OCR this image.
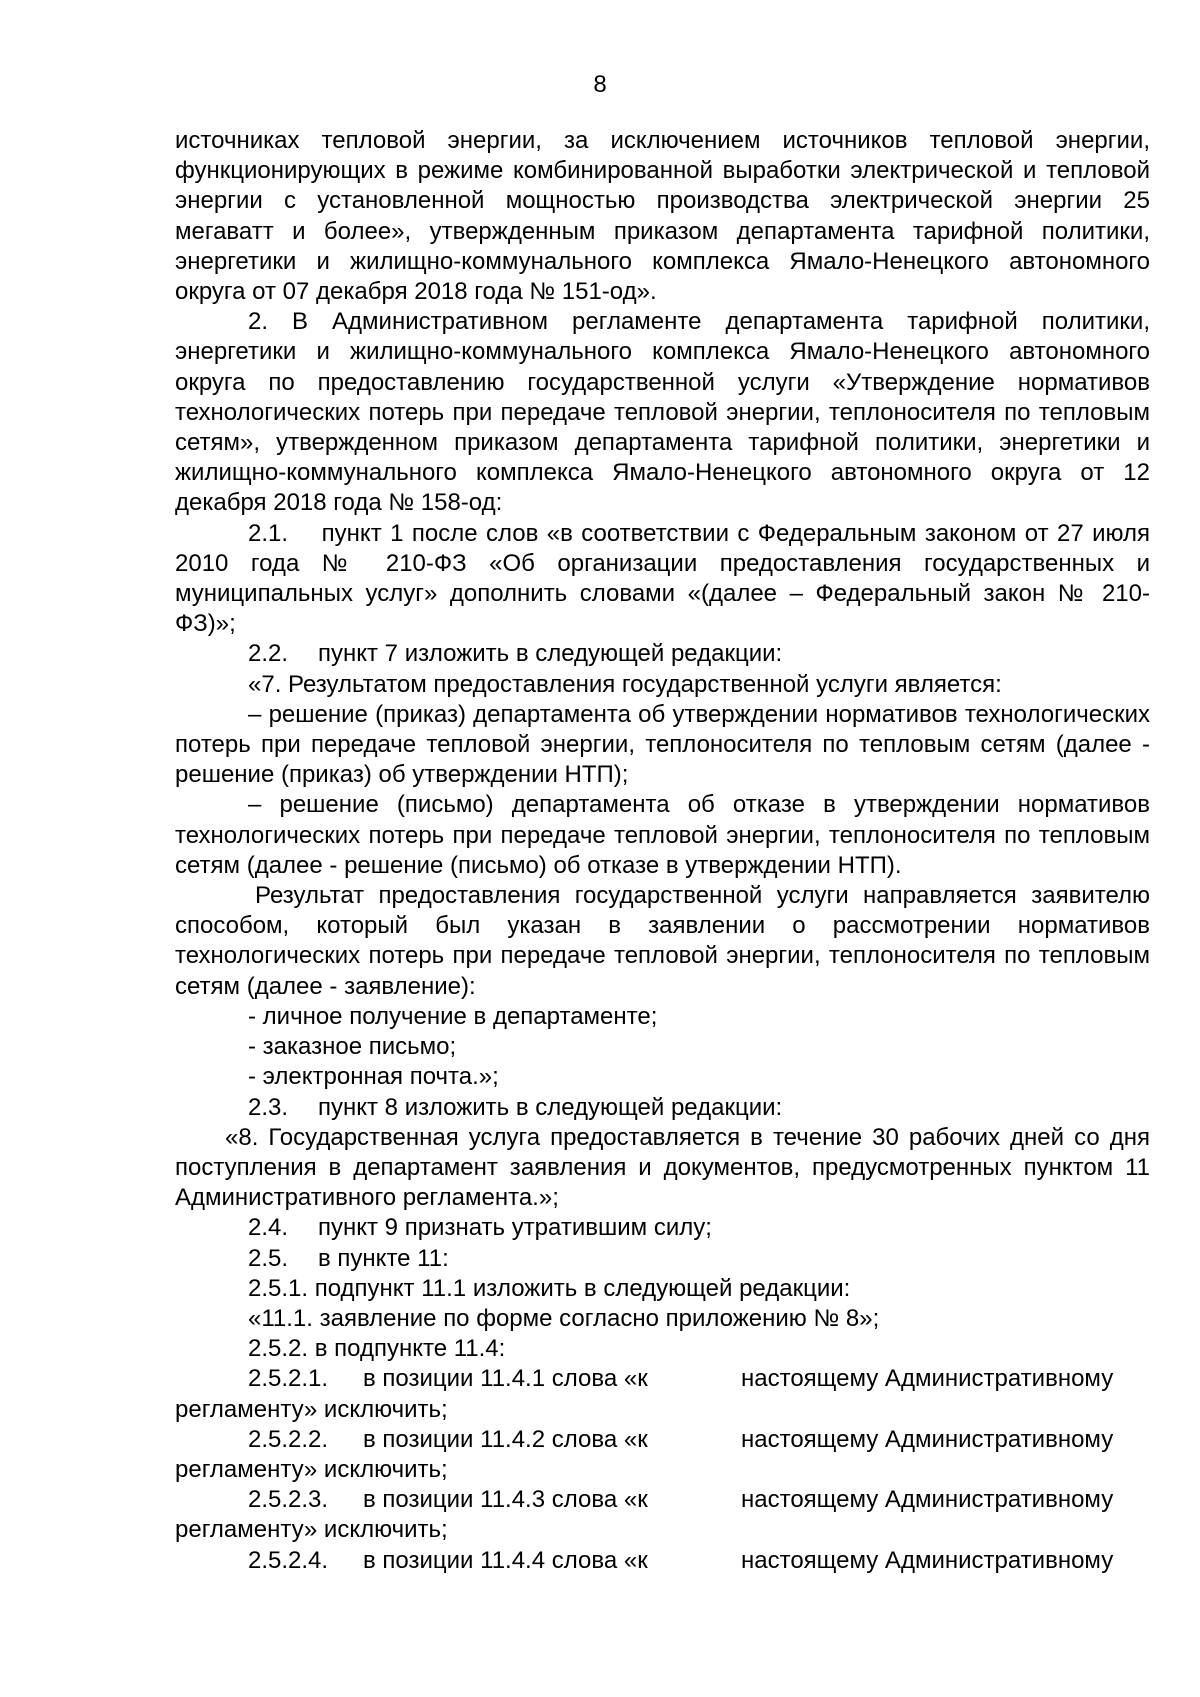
8

источниках тепловой энергии, за исключением источников тепловой энергии, функционирующих в режиме комбинированной выработки электрической и тепловой энергии с установленной мощностью производства электрической энергии 25 мегаватт и более», утвержденным приказом департамента тарифной политики, энергетики и жилищно-коммунального комплекса Ямало-Ненецкого автономного округа от 07 декабря 2018 года № 151-од».

2. В Административном регламенте департамента тарифной политики, энергетики и жилищно-коммунального комплекса Ямало-Ненецкого автономного округа по предоставлению государственной услуги «Утверждение нормативов технологических потерь при передаче тепловой энергии, теплоносителя по тепловым сетям», утвержденном приказом департамента тарифной политики, энергетики и жилищно-коммунального комплекса Ямало-Ненецкого автономного округа от 12 декабря 2018 года № 158-од:

2.1. пункт 1 после слов «в соответствии с Федеральным законом от 27 июля 2010 года № 210-ФЗ «Об организации предоставления государственных и муниципальных услуг» дополнить словами «(далее – Федеральный закон № 210-ФЗ)»;

2.2.	пункт 7 изложить в следующей редакции:

«7. Результатом предоставления государственной услуги является:

– решение (приказ) департамента об утверждении нормативов технологических потерь при передаче тепловой энергии, теплоносителя по тепловым сетям (далее - решение (приказ) об утверждении НТП);

– решение (письмо) департамента об отказе в утверждении нормативов технологических потерь при передаче тепловой энергии, теплоносителя по тепловым сетям (далее - решение (письмо) об отказе в утверждении НТП).

Результат предоставления государственной услуги направляется заявителю способом, который был указан в заявлении о рассмотрении нормативов технологических потерь при передаче тепловой энергии, теплоносителя по тепловым сетям (далее - заявление):

- личное получение в департаменте;

- заказное письмо;

- электронная почта.»;

2.3.	пункт 8 изложить в следующей редакции:

«8. Государственная услуга предоставляется в течение 30 рабочих дней со дня поступления в департамент заявления и документов, предусмотренных пунктом 11 Административного регламента.»;

2.4.	пункт 9 признать утратившим силу;
2.5.	в пункте 11:

2.5.1. подпункт 11.1 изложить в следующей редакции:

«11.1. заявление по форме согласно приложению № 8»;

2.5.2. в подпункте 11.4:

2.5.2.1.	в позиции 11.4.1 слова «к	настоящему Административному

регламенту» исключить;

2.5.2.2.	в позиции 11.4.2 слова «к	настоящему Административному

регламенту» исключить;

2.5.2.3.	в позиции 11.4.3 слова «к	настоящему Административному

регламенту» исключить;

2.5.2.4.	в позиции 11.4.4 слова «к	настоящему Административному
